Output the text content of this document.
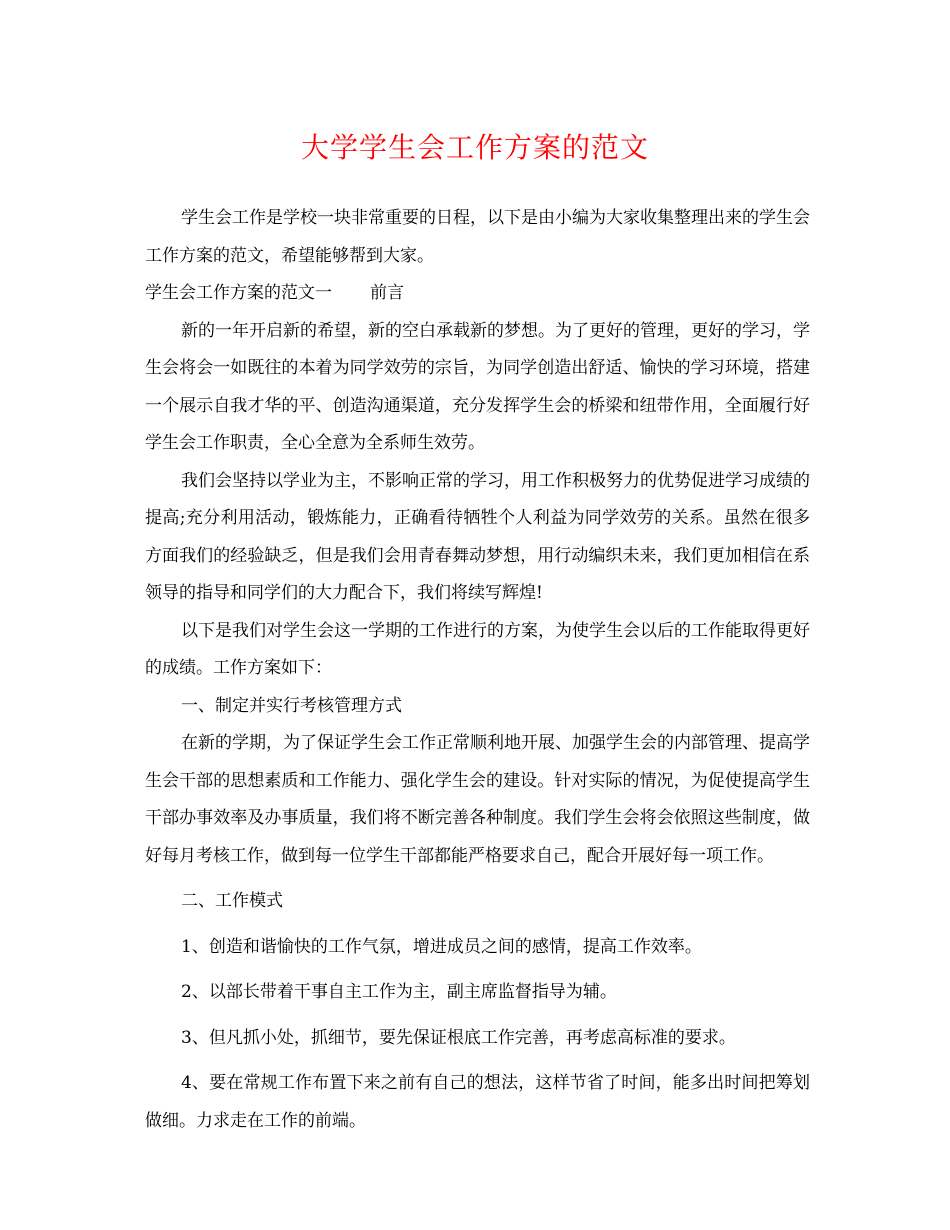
大学学生会工作方案的范文

学生会工作是学校一块非常重要的日程，以下是由小编为大家收集整理出来的学生会工作方案的范文，希望能够帮到大家。

学生会工作方案的范文一	前言

新的一年开启新的希望，新的空白承载新的梦想。为了更好的管理，更好的学习，学生会将会一如既往的本着为同学效劳的宗旨，为同学创造出舒适、愉快的学习环境，搭建一个展示自我才华的平、创造沟通渠道，充分发挥学生会的桥梁和纽带作用，全面履行好学生会工作职责，全心全意为全系师生效劳。

我们会坚持以学业为主，不影响正常的学习，用工作积极努力的优势促进学习成绩的提高;充分利用活动，锻炼能力，正确看待牺牲个人利益为同学效劳的关系。虽然在很多方面我们的经验缺乏，但是我们会用青春舞动梦想，用行动编织未来，我们更加相信在系领导的指导和同学们的大力配合下，我们将续写辉煌!

以下是我们对学生会这一学期的工作进行的方案，为使学生会以后的工作能取得更好的成绩。工作方案如下：

一、制定并实行考核管理方式

在新的学期，为了保证学生会工作正常顺利地开展、加强学生会的内部管理、提高学生会干部的思想素质和工作能力、强化学生会的建设。针对实际的情况，为促使提高学生干部办事效率及办事质量，我们将不断完善各种制度。我们学生会将会依照这些制度，做好每月考核工作，做到每一位学生干部都能严格要求自己，配合开展好每一项工作。

二、工作模式

1、创造和谐愉快的工作气氛，增进成员之间的感情，提高工作效率。

2、以部长带着干事自主工作为主，副主席监督指导为辅。

3、但凡抓小处，抓细节，要先保证根底工作完善，再考虑高标准的要求。

4、要在常规工作布置下来之前有自己的想法，这样节省了时间，能多出时间把筹划做细。力求走在工作的前端。
